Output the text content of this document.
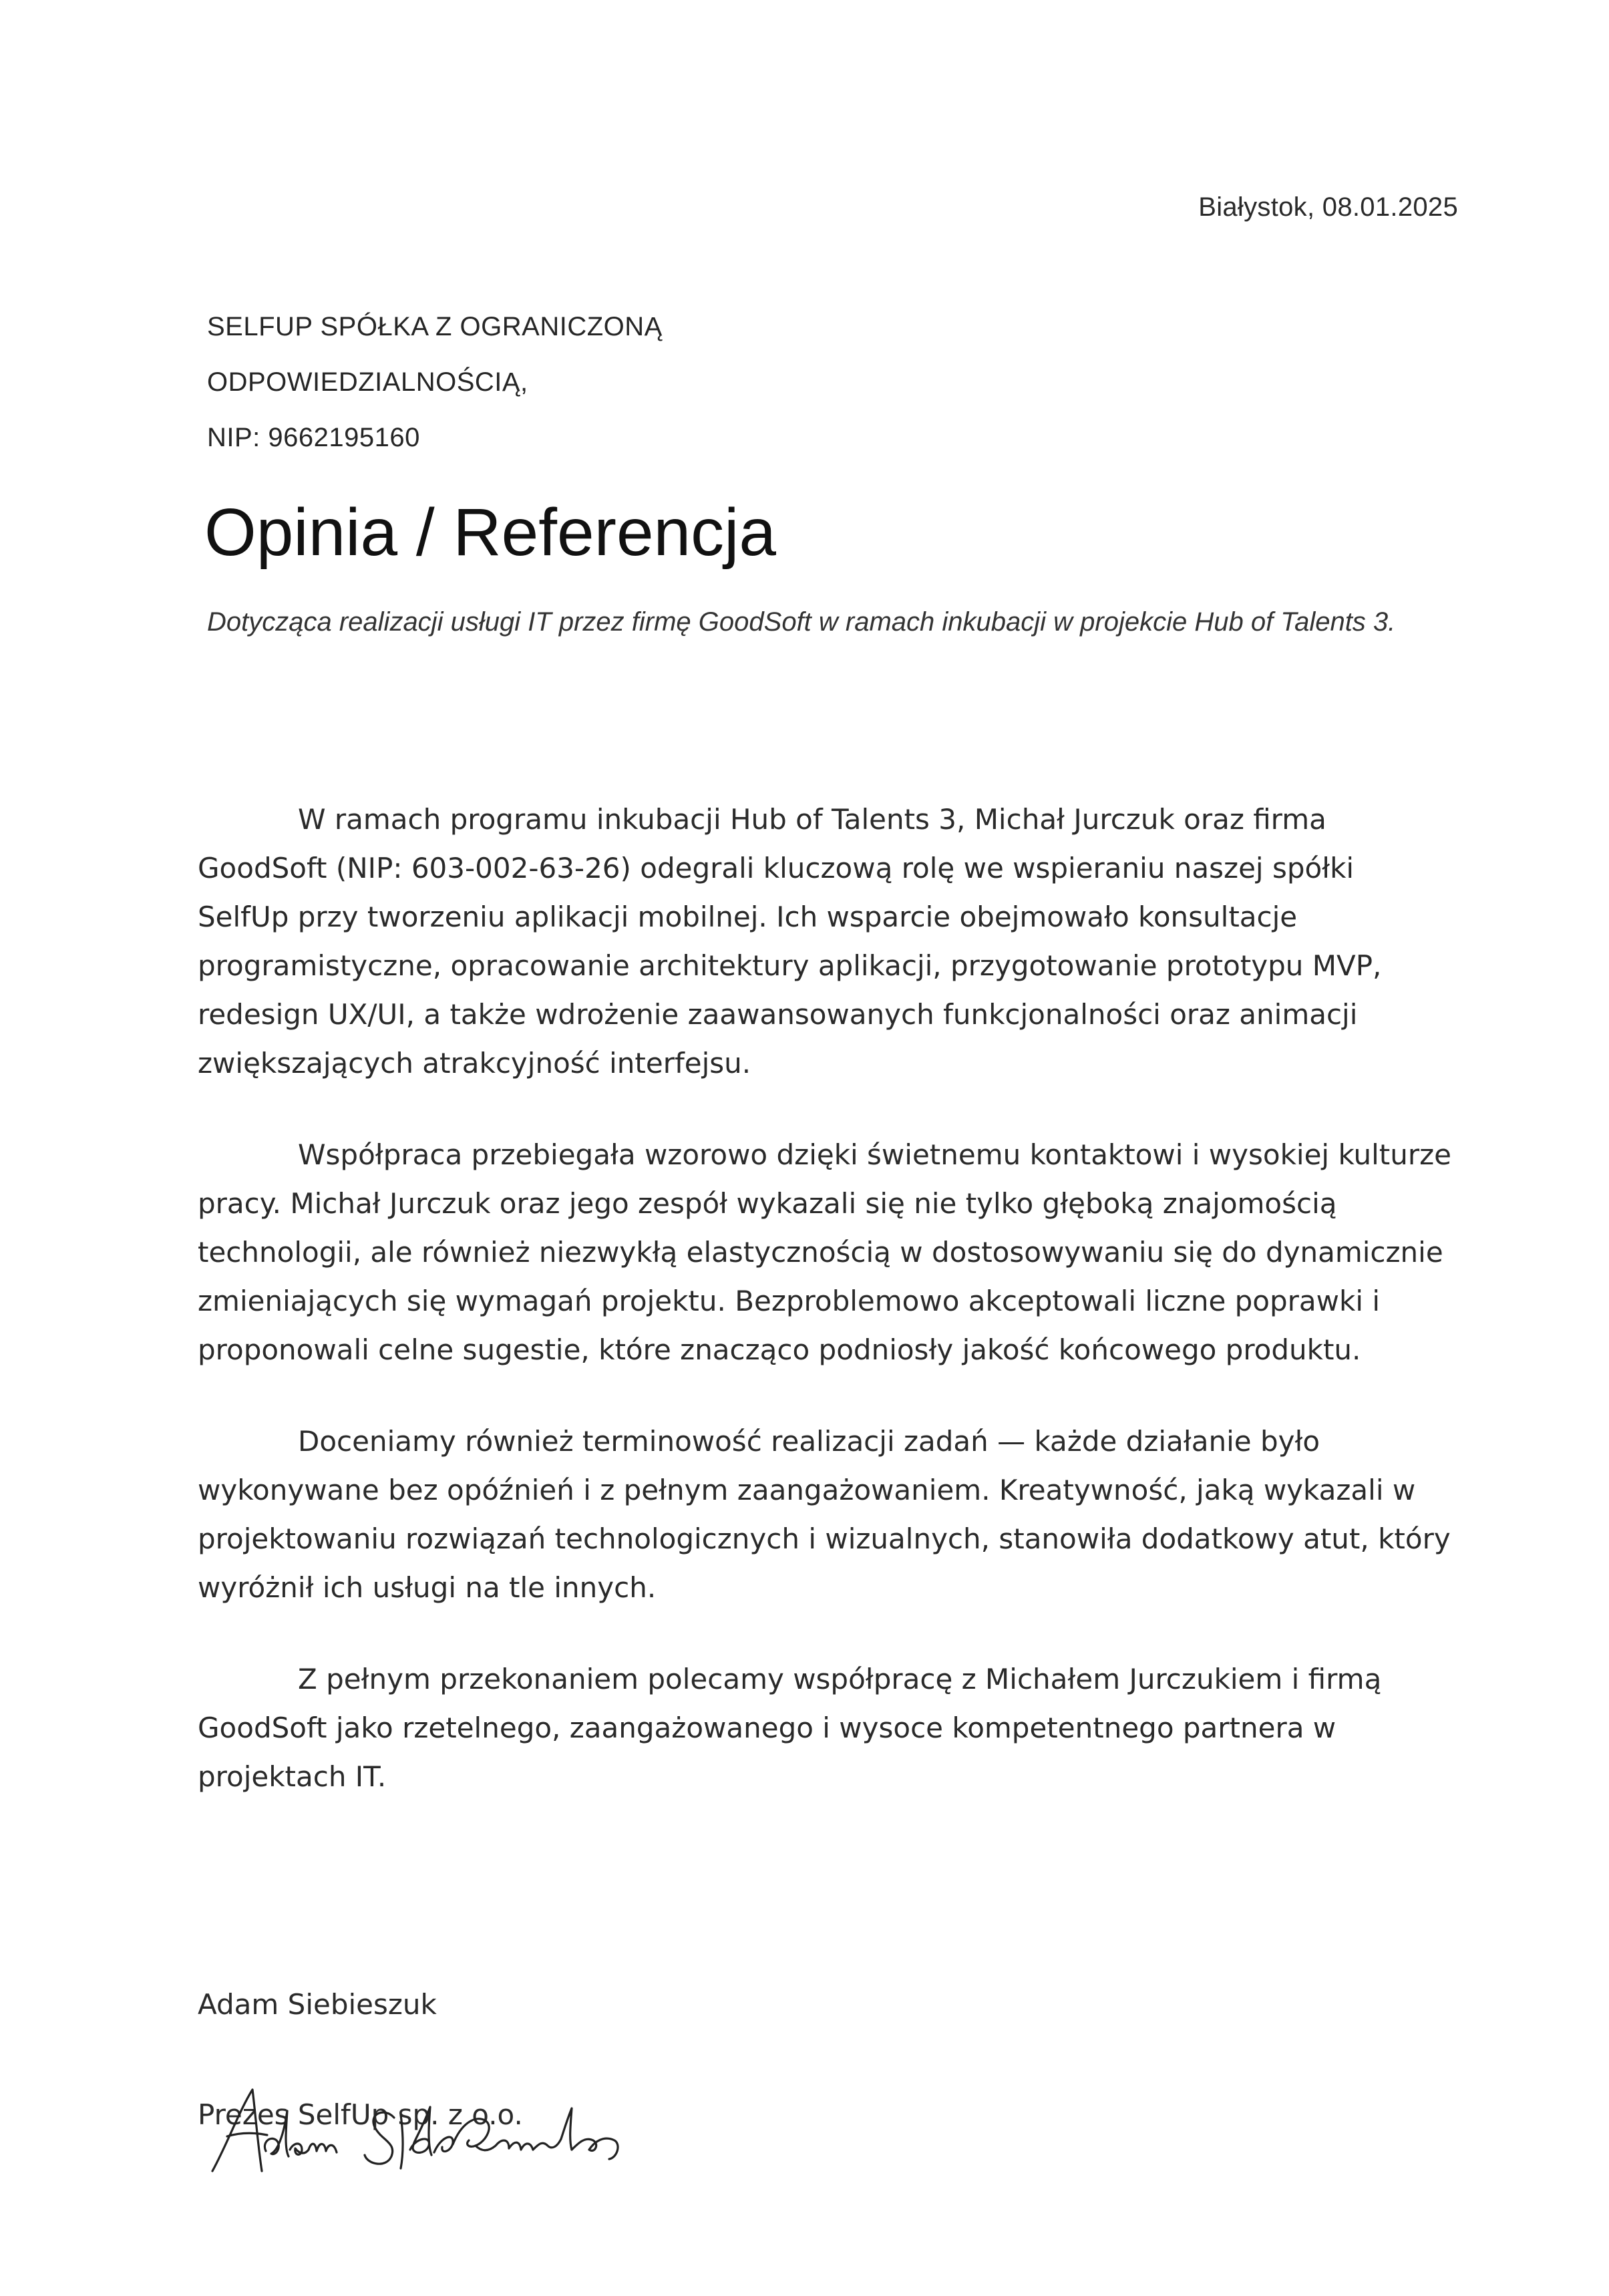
Białystok, 08.01.2025
SELFUP SPÓŁKA Z OGRANICZONĄ
ODPOWIEDZIALNOŚCIĄ,
NIP: 9662195160
Opinia / Referencja
Dotycząca realizacji usługi IT przez firmę GoodSoft w ramach inkubacji w projekcie Hub of Talents 3.

W ramach programu inkubacji Hub of Talents 3, Michał Jurczuk oraz firma GoodSoft (NIP: 603-002-63-26) odegrali kluczową rolę we wspieraniu naszej spółki SelfUp przy tworzeniu aplikacji mobilnej. Ich wsparcie obejmowało konsultacje programistyczne, opracowanie architektury aplikacji, przygotowanie prototypu MVP, redesign UX/UI, a także wdrożenie zaawansowanych funkcjonalności oraz animacji zwiększających atrakcyjność interfejsu.

Współpraca przebiegała wzorowo dzięki świetnemu kontaktowi i wysokiej kulturze pracy. Michał Jurczuk oraz jego zespół wykazali się nie tylko głęboką znajomością technologii, ale również niezwykłą elastycznością w dostosowywaniu się do dynamicznie zmieniających się wymagań projektu. Bezproblemowo akceptowali liczne poprawki i proponowali celne sugestie, które znacząco podniosły jakość końcowego produktu.

Doceniamy również terminowość realizacji zadań — każde działanie było wykonywane bez opóźnień i z pełnym zaangażowaniem. Kreatywność, jaką wykazali w projektowaniu rozwiązań technologicznych i wizualnych, stanowiła dodatkowy atut, który wyróżnił ich usługi na tle innych.

Z pełnym przekonaniem polecamy współpracę z Michałem Jurczukiem i firmą GoodSoft jako rzetelnego, zaangażowanego i wysoce kompetentnego partnera w projektach IT.

Adam Siebieszuk
Prezes SelfUp sp. z o.o.
